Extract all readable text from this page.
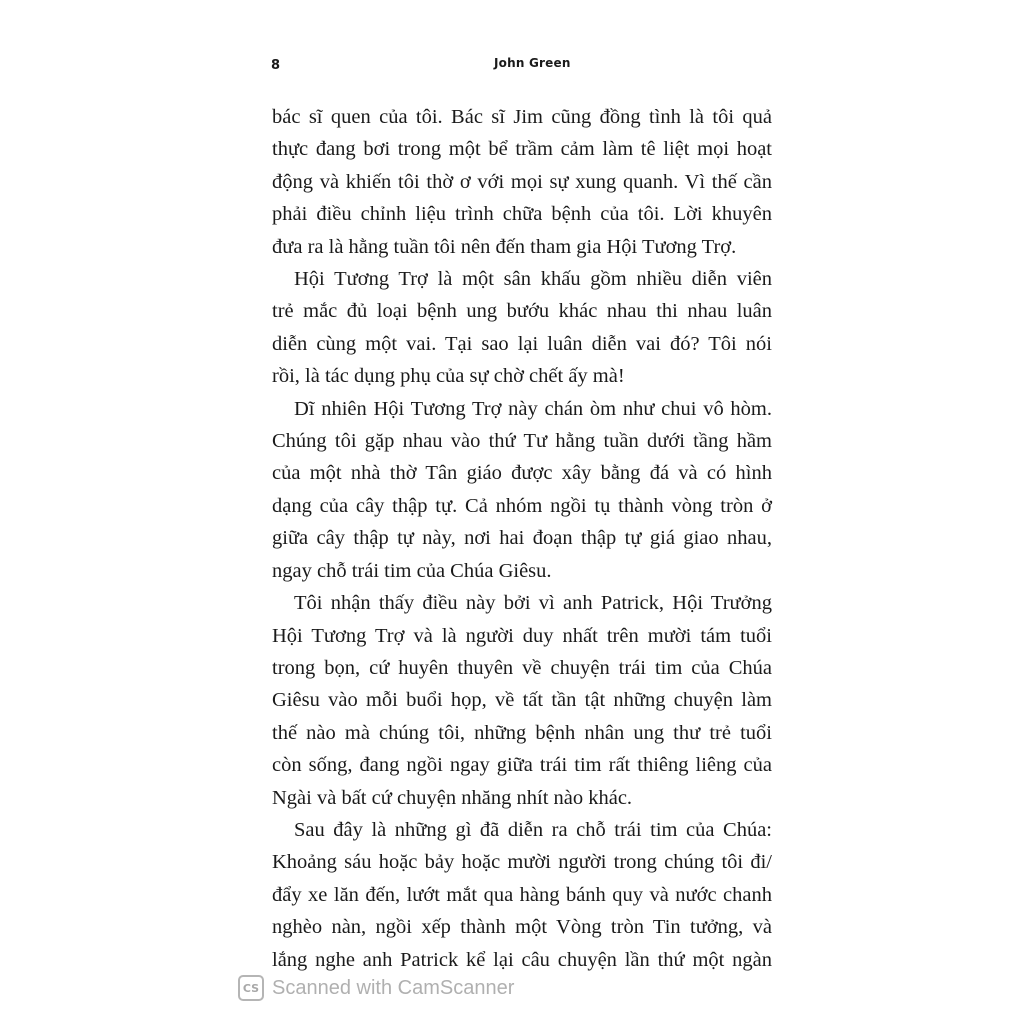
8	John Green
bác sĩ quen của tôi. Bác sĩ Jim cũng đồng tình là tôi quả
thực đang bơi trong một bể trầm cảm làm tê liệt mọi hoạt
động và khiến tôi thờ ơ với mọi sự xung quanh. Vì thế cần
phải điều chỉnh liệu trình chữa bệnh của tôi. Lời khuyên
đưa ra là hằng tuần tôi nên đến tham gia Hội Tương Trợ.
Hội Tương Trợ là một sân khấu gồm nhiều diễn viên
trẻ mắc đủ loại bệnh ung bướu khác nhau thi nhau luân
diễn cùng một vai. Tại sao lại luân diễn vai đó? Tôi nói
rồi, là tác dụng phụ của sự chờ chết ấy mà!
Dĩ nhiên Hội Tương Trợ này chán òm như chui vô hòm.
Chúng tôi gặp nhau vào thứ Tư hằng tuần dưới tầng hầm
của một nhà thờ Tân giáo được xây bằng đá và có hình
dạng của cây thập tự. Cả nhóm ngồi tụ thành vòng tròn ở
giữa cây thập tự này, nơi hai đoạn thập tự giá giao nhau,
ngay chỗ trái tim của Chúa Giêsu.
Tôi nhận thấy điều này bởi vì anh Patrick, Hội Trưởng
Hội Tương Trợ và là người duy nhất trên mười tám tuổi
trong bọn, cứ huyên thuyên về chuyện trái tim của Chúa
Giêsu vào mỗi buổi họp, về tất tần tật những chuyện làm
thế nào mà chúng tôi, những bệnh nhân ung thư trẻ tuổi
còn sống, đang ngồi ngay giữa trái tim rất thiêng liêng của
Ngài và bất cứ chuyện nhăng nhít nào khác.
Sau đây là những gì đã diễn ra chỗ trái tim của Chúa:
Khoảng sáu hoặc bảy hoặc mười người trong chúng tôi đi/
đẩy xe lăn đến, lướt mắt qua hàng bánh quy và nước chanh
nghèo nàn, ngồi xếp thành một Vòng tròn Tin tưởng, và
lắng nghe anh Patrick kể lại câu chuyện lần thứ một ngàn
CS Scanned with CamScanner
